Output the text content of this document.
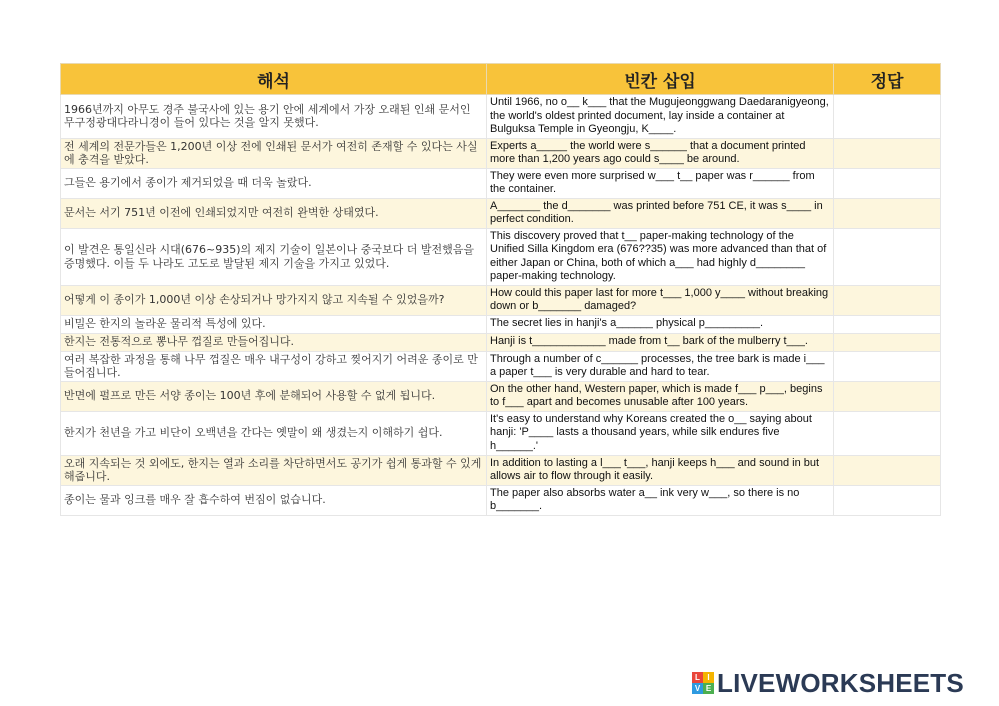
해석	빈칸 삽입	정답
1966년까지 아무도 경주 불국사에 있는 용기 안에 세계에서 가장 오래된 인쇄 문서인 무구정광대다라니경이 들어 있다는 것을 알지 못했다.	Until 1966, no o__ k___ that the Mugujeonggwang Daedaranigyeong, the world's oldest printed document, lay inside a container at Bulguksa Temple in Gyeongju, K____.	
전 세계의 전문가들은 1,200년 이상 전에 인쇄된 문서가 여전히 존재할 수 있다는 사실에 충격을 받았다.	Experts a_____ the world were s______ that a document printed more than 1,200 years ago could s____ be around.	
그들은 용기에서 종이가 제거되었을 때 더욱 놀랐다.	They were even more surprised w___ t__ paper was r______ from the container.	
문서는 서기 751년 이전에 인쇄되었지만 여전히 완벽한 상태였다.	A_______ the d_______ was printed before 751 CE, it was s____ in perfect condition.	
이 발견은 통일신라 시대(676~935)의 제지 기술이 일본이나 중국보다 더 발전했음을 증명했다. 이들 두 나라도 고도로 발달된 제지 기술을 가지고 있었다.	This discovery proved that t__ paper-making technology of the Unified Silla Kingdom era (676??35) was more advanced than that of either Japan or China, both of which a___ had highly d________ paper-making technology.	
어떻게 이 종이가 1,000년 이상 손상되거나 망가지지 않고 지속될 수 있었을까?	How could this paper last for more t___ 1,000 y____ without breaking down or b_______ damaged?	
비밀은 한지의 놀라운 물리적 특성에 있다.	The secret lies in hanji's a______ physical p_________.	
한지는 전통적으로 뽕나무 껍질로 만들어집니다.	Hanji is t____________ made from t__ bark of the mulberry t___.	
여러 복잡한 과정을 통해 나무 껍질은 매우 내구성이 강하고 찢어지기 어려운 종이로 만들어집니다.	Through a number of c______ processes, the tree bark is made i___ a paper t___ is very durable and hard to tear.	
반면에 펄프로 만든 서양 종이는 100년 후에 분해되어 사용할 수 없게 됩니다.	On the other hand, Western paper, which is made f___ p___, begins to f___ apart and becomes unusable after 100 years.	
한지가 천년을 가고 비단이 오백년을 간다는 옛말이 왜 생겼는지 이해하기 쉽다.	It's easy to understand why Koreans created the o__ saying about hanji: 'P____ lasts a thousand years, while silk endures five h______.'	
오래 지속되는 것 외에도, 한지는 열과 소리를 차단하면서도 공기가 쉽게 통과할 수 있게 해줍니다.	In addition to lasting a l___ t___, hanji keeps h___ and sound in but allows air to flow through it easily.	
종이는 물과 잉크를 매우 잘 흡수하여 번짐이 없습니다.	The paper also absorbs water a__ ink very w___, so there is no b_______.	
L I
V E LIVEWORKSHEETS
